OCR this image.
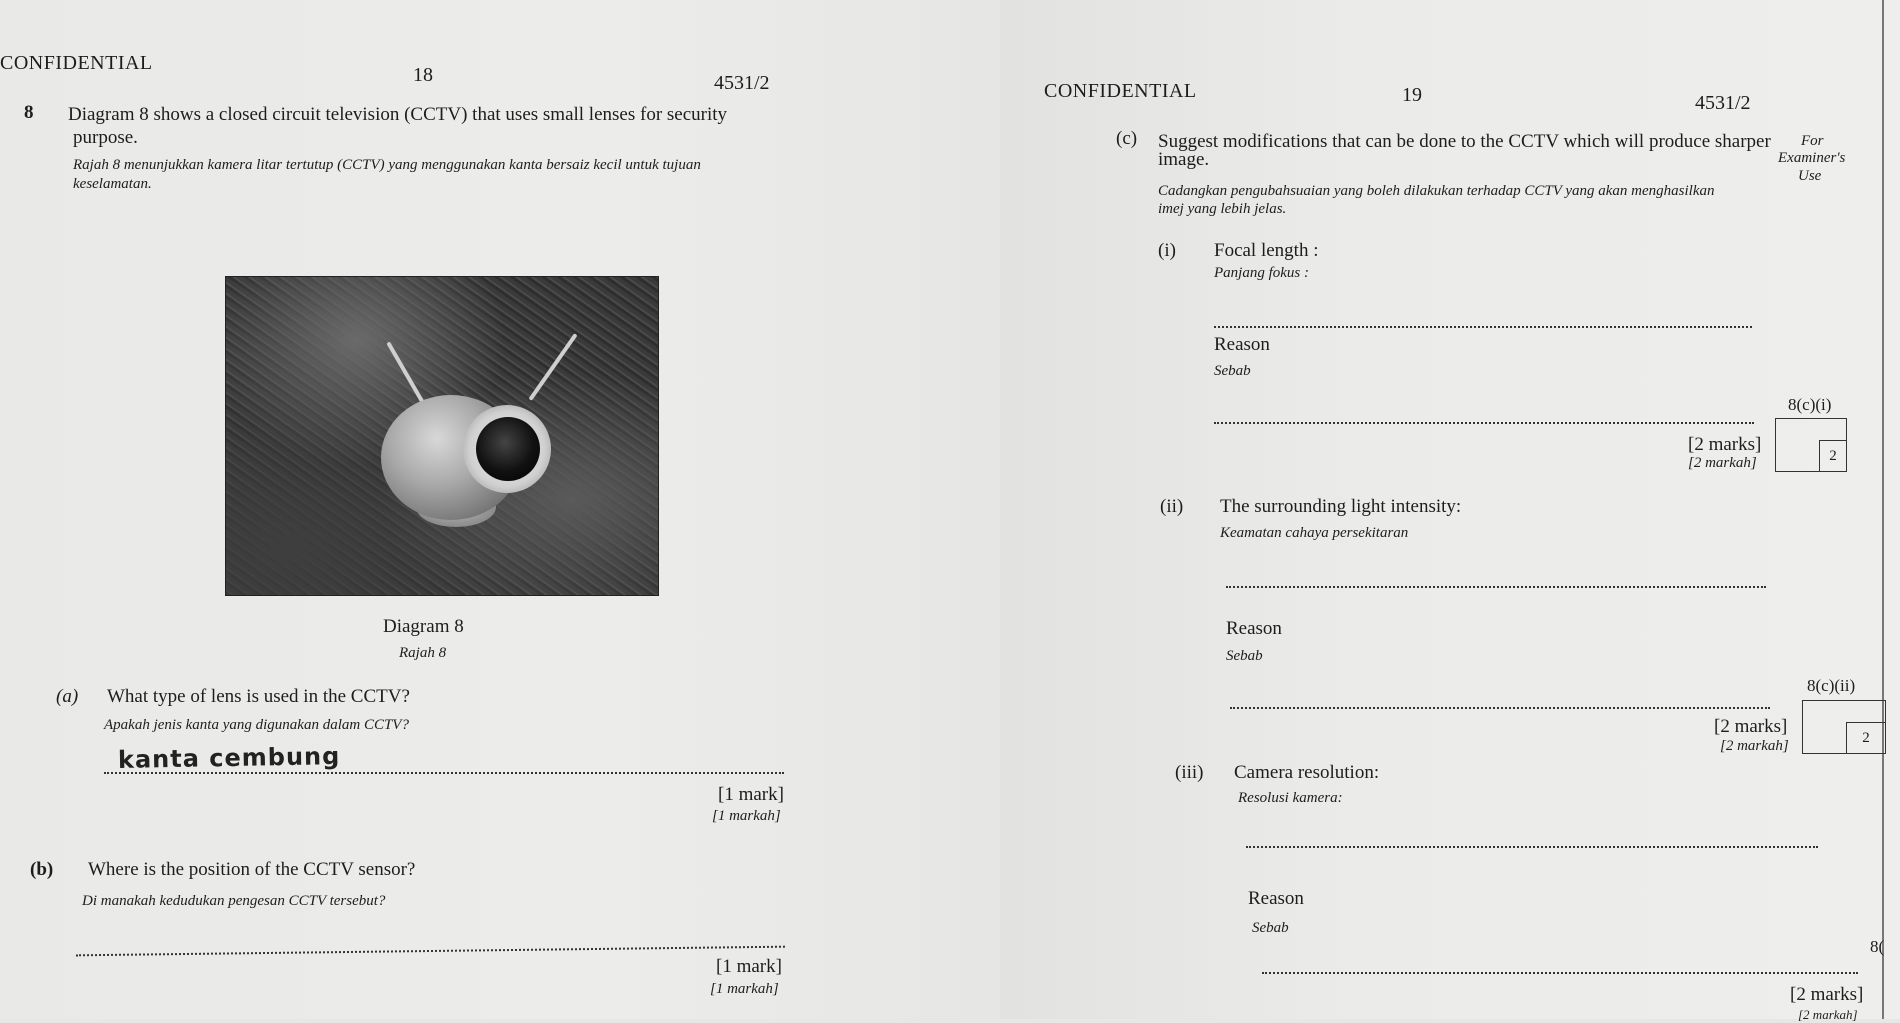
CONFIDENTIAL
18	4531/2
8 Diagram 8 shows a closed circuit television (CCTV) that uses small lenses for security
purpose.
Rajah 8 menunjukkan kamera litar tertutup (CCTV) yang menggunakan kanta bersaiz kecil untuk tujuan
keselamatan.
Diagram 8
Rajah 8
(a) What type of lens is used in the CCTV?
Apakah jenis kanta yang digunakan dalam CCTV?
kanta cembung
[1 mark]
[1 markah]
(b) Where is the position of the CCTV sensor?
Di manakah kedudukan pengesan CCTV tersebut?
[1 mark]
[1 markah]
CONFIDENTIAL	19	4531/2
(c) Suggest modifications that can be done to the CCTV which will produce sharper
image.
Cadangkan pengubahsuaian yang boleh dilakukan terhadap CCTV yang akan menghasilkan
imej yang lebih jelas.
For
Examiner's
Use
(i) Focal length :
Panjang fokus :
Reason
Sebab
8(c)(i)
[2 marks]
[2 markah]	2
(ii) The surrounding light intensity:
Keamatan cahaya persekitaran
Reason
Sebab
8(c)(ii)
[2 marks]
[2 markah]	2
(iii) Camera resolution:
Resolusi kamera:
Reason
Sebab
8(
[2 marks]
[2 markah]
